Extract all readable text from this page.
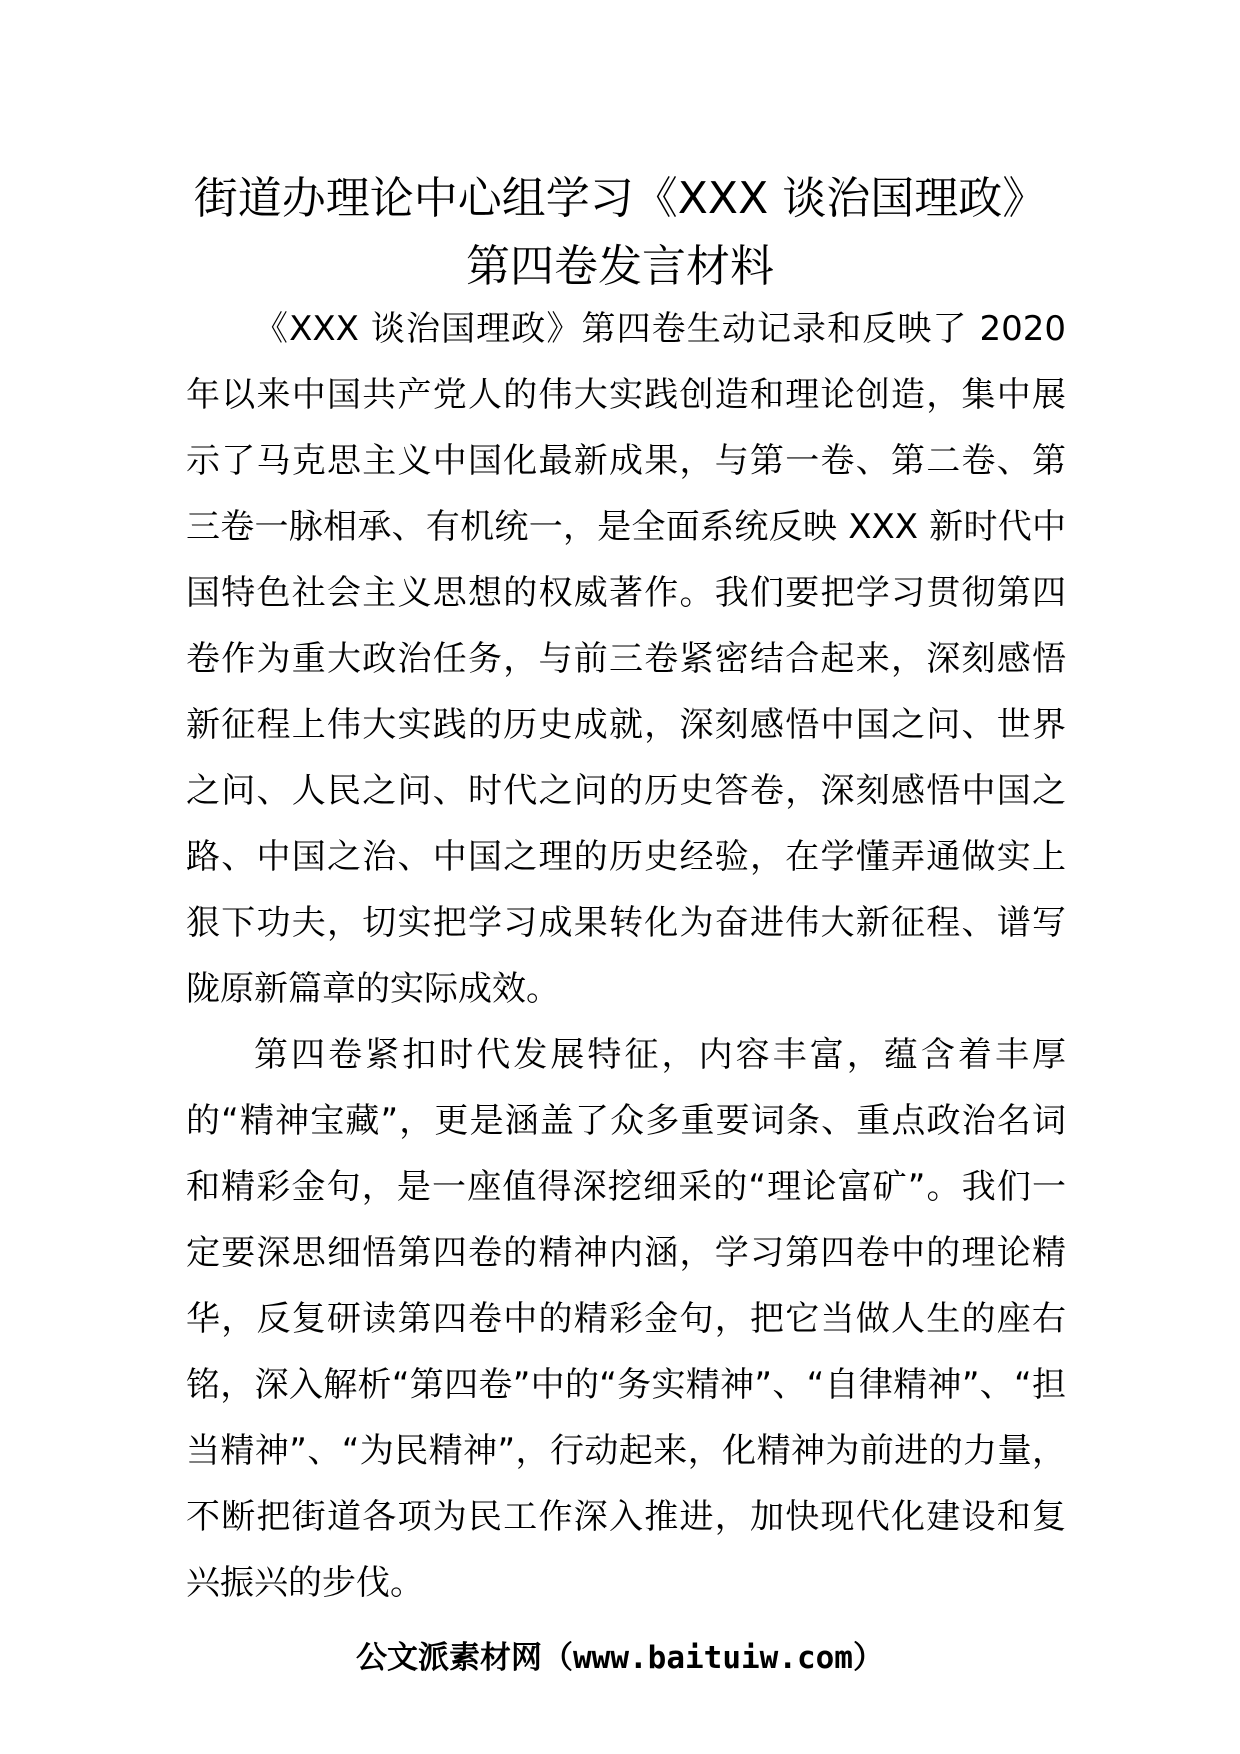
街道办理论中心组学习《XXX 谈治国理政》
第四卷发言材料

《XXX 谈治国理政》第四卷生动记录和反映了 2020 年以来中国共产党人的伟大实践创造和理论创造，集中展示了马克思主义中国化最新成果，与第一卷、第二卷、第三卷一脉相承、有机统一，是全面系统反映 XXX 新时代中国特色社会主义思想的权威著作。我们要把学习贯彻第四卷作为重大政治任务，与前三卷紧密结合起来，深刻感悟新征程上伟大实践的历史成就，深刻感悟中国之问、世界之问、人民之问、时代之问的历史答卷，深刻感悟中国之路、中国之治、中国之理的历史经验，在学懂弄通做实上狠下功夫，切实把学习成果转化为奋进伟大新征程、谱写陇原新篇章的实际成效。

第四卷紧扣时代发展特征，内容丰富，蕴含着丰厚的“精神宝藏”，更是涵盖了众多重要词条、重点政治名词和精彩金句，是一座值得深挖细采的“理论富矿”。我们一定要深思细悟第四卷的精神内涵，学习第四卷中的理论精华，反复研读第四卷中的精彩金句，把它当做人生的座右铭，深入解析“第四卷”中的“务实精神”、“自律精神”、“担当精神”、“为民精神”，行动起来，化精神为前进的力量，不断把街道各项为民工作深入推进，加快现代化建设和复兴振兴的步伐。

公文派素材网（www.baituiw.com）
